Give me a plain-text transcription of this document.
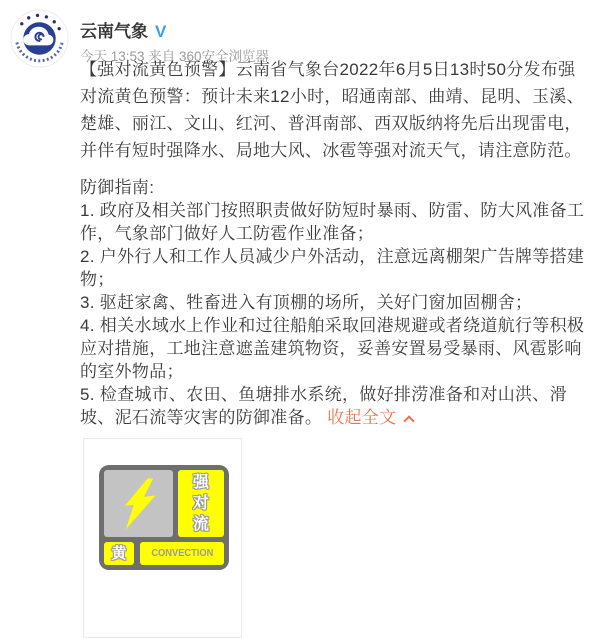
云南气象 V
今天 13:53 来自 360安全浏览器

【强对流黄色预警】云南省气象台2022年6月5日13时50分发布强对流黄色预警：预计未来12小时，昭通南部、曲靖、昆明、玉溪、楚雄、丽江、文山、红河、普洱南部、西双版纳将先后出现雷电，并伴有短时强降水、局地大风、冰雹等强对流天气，请注意防范。

防御指南:
1. 政府及相关部门按照职责做好防短时暴雨、防雷、防大风准备工作，气象部门做好人工防雹作业准备；
2. 户外行人和工作人员减少户外活动，注意远离棚架广告牌等搭建物；
3. 驱赶家禽、牲畜进入有顶棚的场所，关好门窗加固棚舍；
4. 相关水域水上作业和过往船舶采取回港规避或者绕道航行等积极应对措施，工地注意遮盖建筑物资，妥善安置易受暴雨、风雹影响的室外物品；
5. 检查城市、农田、鱼塘排水系统，做好排涝准备和对山洪、滑坡、泥石流等灾害的防御准备。 收起全文
强
对
流
黄 CONVECTION
